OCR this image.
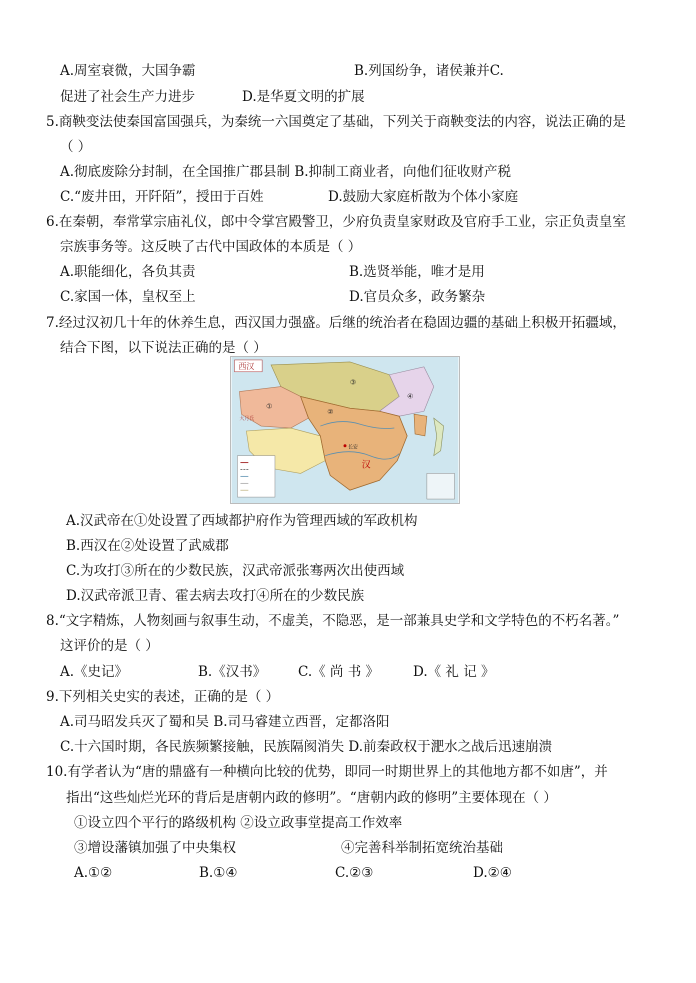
A.周室衰微，大国争霸	B.列国纷争，诸侯兼并C.
促进了社会生产力进步	D.是华夏文明的扩展
5.商鞅变法使秦国富国强兵，为秦统一六国奠定了基础，下列关于商鞅变法的内容，说法正确的是
（ ）
A.彻底废除分封制，在全国推广郡县制 B.抑制工商业者，向他们征收财产税
C.“废井田，开阡陌”，授田于百姓	D.鼓励大家庭析散为个体小家庭
6.在秦朝，奉常掌宗庙礼仪，郎中令掌宫殿警卫，少府负责皇家财政及官府手工业，宗正负责皇室
宗族事务等。这反映了古代中国政体的本质是（ ）
A.职能细化，各负其责	B.选贤举能，唯才是用
C.家国一体，皇权至上	D.官员众多，政务繁杂
7.经过汉初几十年的休养生息，西汉国力强盛。后继的统治者在稳固边疆的基础上积极开拓疆域，
结合下图，以下说法正确的是（ ）
西汉
大月氏
汉
长安
①
②
③
④
A.汉武帝在①处设置了西域都护府作为管理西域的军政机构
B.西汉在②处设置了武威郡
C.为攻打③所在的少数民族，汉武帝派张骞两次出使西域
D.汉武帝派卫青、霍去病去攻打④所在的少数民族
8.“文字精炼，人物刻画与叙事生动，不虚美，不隐恶，是一部兼具史学和文学特色的不朽名著。”
这评价的是（ ）
A.《史记》	B.《汉书》 C.《 尚 书 》	D.《 礼 记 》
9.下列相关史实的表述，正确的是（ ）
A.司马昭发兵灭了蜀和吴 B.司马睿建立西晋，定都洛阳
C.十六国时期，各民族频繁接触，民族隔阂消失 D.前秦政权于淝水之战后迅速崩溃
10.有学者认为“唐的鼎盛有一种横向比较的优势，即同一时期世界上的其他地方都不如唐”，并
指出“这些灿烂光环的背后是唐朝内政的修明”。“唐朝内政的修明”主要体现在（ ）
①设立四个平行的路级机构 ②设立政事堂提高工作效率
③增设藩镇加强了中央集权	④完善科举制拓宽统治基础
A.①②	B.①④	C.②③	D.②④
